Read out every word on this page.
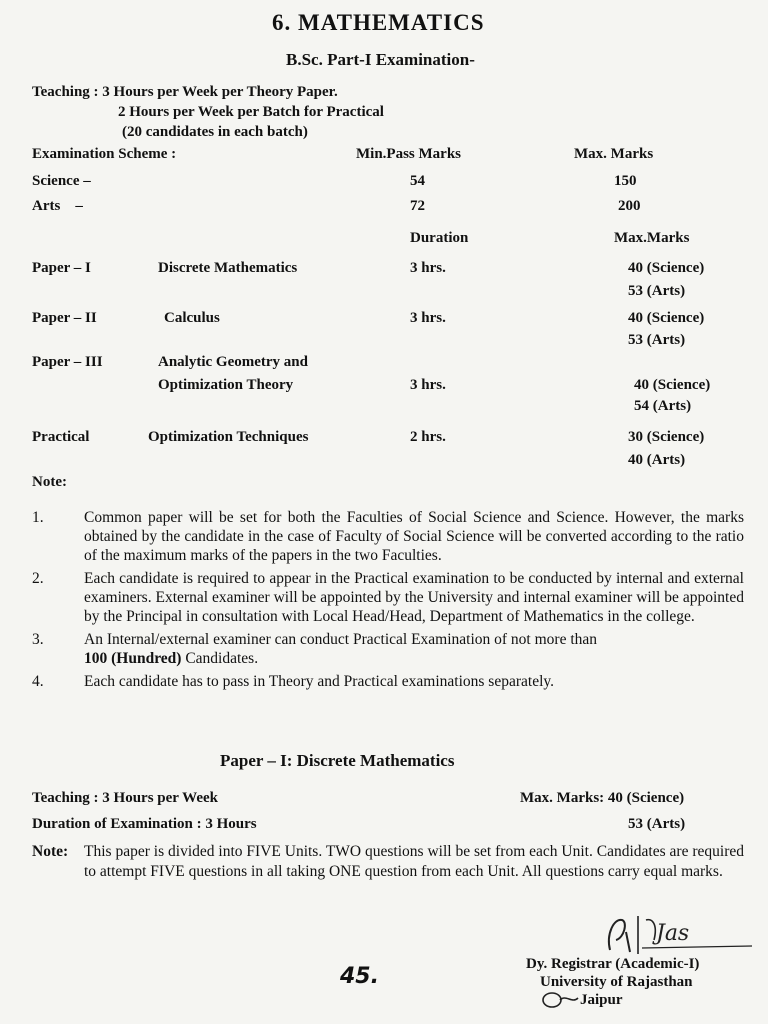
6. MATHEMATICS
B.Sc. Part-I Examination-
Teaching : 3 Hours per Week per Theory Paper.
2 Hours per Week per Batch for Practical
(20 candidates in each batch)
Examination Scheme :	Min.Pass Marks	Max. Marks
Science –	54	150
Arts    –	72	200
Duration	Max.Marks
Paper – I	Discrete Mathematics	3 hrs.	40 (Science)
53 (Arts)
Paper – II	Calculus	3 hrs.	40 (Science)
53 (Arts)
Paper – III	Analytic Geometry and
Optimization Theory	3 hrs.	40 (Science)
54 (Arts)
Practical	Optimization Techniques	2 hrs.	30 (Science)
40 (Arts)
Note:
1.	Common paper will be set for both the Faculties of Social Science and Science. However, the marks obtained by the candidate in the case of Faculty of Social Science will be converted according to the ratio of the maximum marks of the papers in the two Faculties.
2.	Each candidate is required to appear in the Practical examination to be conducted by internal and external examiners. External examiner will be appointed by the University and internal examiner will be appointed by the Principal in consultation with Local Head/Head, Department of Mathematics in the college.
3.	An Internal/external examiner can conduct Practical Examination of not more than
100 (Hundred) Candidates.
4.	Each candidate has to pass in Theory and Practical examinations separately.
Paper – I: Discrete Mathematics
Teaching : 3 Hours per Week	Max. Marks: 40 (Science)
Duration of Examination : 3 Hours	53 (Arts)
Note:	This paper is divided into FIVE Units. TWO questions will be set from each Unit. Candidates are required to attempt FIVE questions in all taking ONE question from each Unit. All questions carry equal marks.
Jas
45.	Dy. Registrar (Academic-I)
University of Rajasthan
Jaipur
